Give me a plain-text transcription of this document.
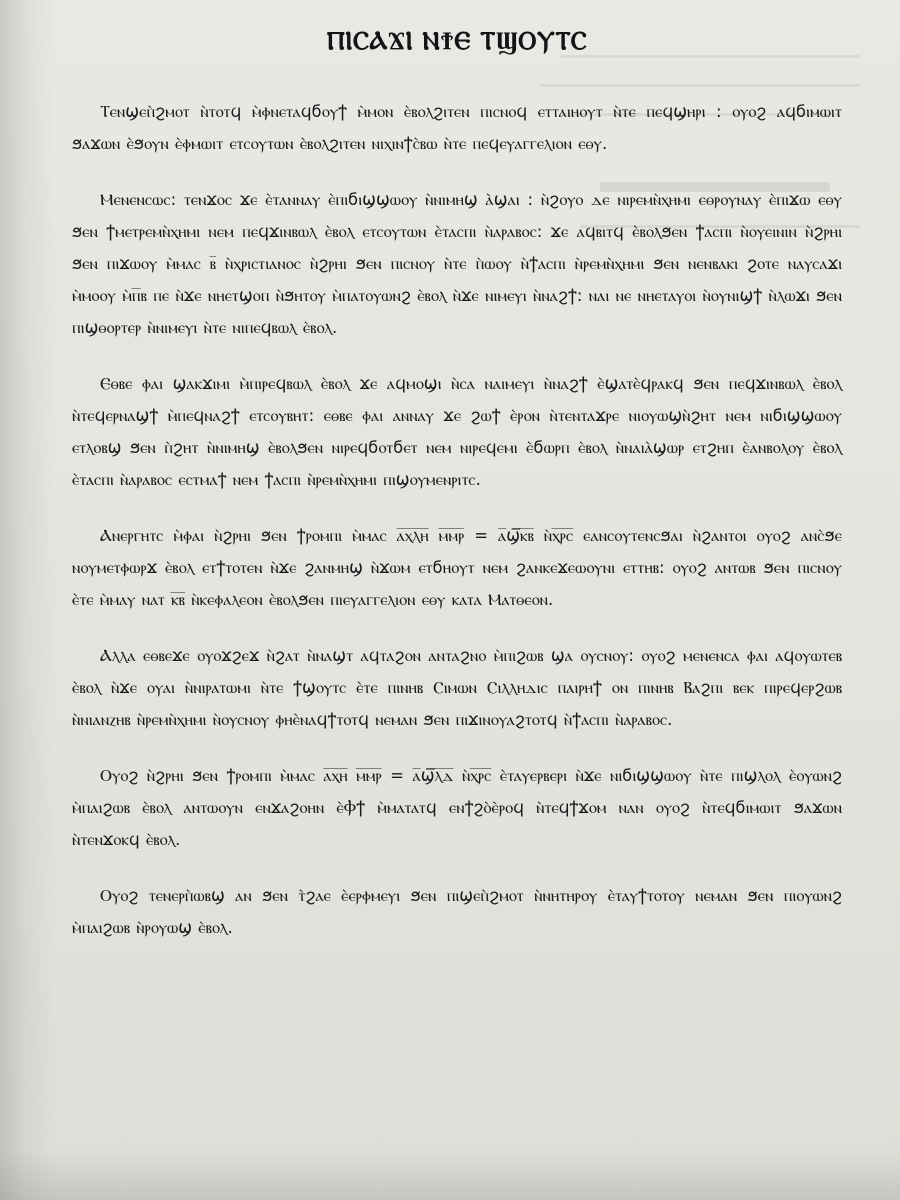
ⲠⲒⲤⲀϪⲒ ⲚϮⲈ ⲦϢⲞⲨⲦⲤ

Ⲧⲉⲛϣⲉⲡ̀ϩⲙⲟⲧ ⲛ̀ⲧⲟⲧϥ ⲙ̀ⲫⲛⲉⲧⲁϥϭⲟⲩϯ ⲙ̀ⲙⲟⲛ ⲉ̀ⲃⲟⲗϩⲓⲧⲉⲛ ⲡⲓⲥⲛⲟϥ ⲉⲧⲧⲁⲓⲏⲟⲩⲧ ⲛ̀ⲧⲉ ⲡⲉϥϣⲏⲣⲓ : ⲟⲩⲟϩ ⲁϥϭⲓⲙⲱⲓⲧ ϧⲁϫⲱⲛ ⲉ̀ϧⲟⲩⲛ ⲉ̀ⲫⲙⲱⲓⲧ ⲉⲧⲥⲟⲩⲧⲱⲛ ⲉ̀ⲃⲟⲗϩⲓⲧⲉⲛ ⲛⲓⲭⲓⲛϯⲥ̀ⲃⲱ ⲛ̀ⲧⲉ ⲡⲉϥⲉⲩⲁⲅⲅⲉⲗⲓⲟⲛ ⲉⲑⲩ.

Ⲙⲉⲛⲉⲛⲥⲱⲥ: ⲧⲉⲛϫⲟⲥ ϫⲉ ⲉ̀ⲧⲁⲛⲛⲁⲩ ⲉ̀ⲡⲓϭⲓϣϣⲱⲟⲩ ⲛ̀ⲛⲓⲙⲏϣ ⲁ̀ϣⲁⲓ : ⲛ̀ϩⲟⲩⲟ ⲇⲉ ⲛⲓⲣⲉⲙⲛ̀ⲭⲏⲙⲓ ⲉⲑⲣⲟⲩⲛⲁⲩ ⲉ̀ⲡⲓϫⲱ ⲉⲑⲩ ϧⲉⲛ ϯⲙⲉⲧⲣⲉⲙⲛ̀ⲭⲏⲙⲓ ⲛⲉⲙ ⲡⲉϥϫⲓⲛⲃⲱⲗ ⲉ̀ⲃⲟⲗ ⲉⲧⲥⲟⲩⲧⲱⲛ ⲉ̀ⲧⲁⲥⲡⲓ ⲛ̀ⲁⲣⲁⲃⲟⲥ: ϫⲉ ⲁϥⲃⲓⲧϥ ⲉ̀ⲃⲟⲗϧⲉⲛ ϯⲁⲥⲡⲓ ⲛ̀ⲟⲩⲉⲓⲛⲓⲛ ⲛ̀ϩⲣⲏⲓ ϧⲉⲛ ⲡⲓϫⲱⲟⲩ ⲙ̀ⲙⲁⲥ ⲃ̅ ⲛ̀ⲭⲣⲓⲥⲧⲓⲁⲛⲟⲥ ⲛ̀ϩⲣⲏⲓ ϧⲉⲛ ⲡⲓⲥⲛⲟⲩ ⲛ̀ⲧⲉ ⲡ̀ⲱⲟⲩ ⲛ̀ϯⲁⲥⲡⲓ ⲛ̀ⲣⲉⲙⲛ̀ⲭⲏⲙⲓ ϧⲉⲛ ⲛⲉⲛⲃⲁⲕⲓ ϩⲟⲧⲉ ⲛⲁⲩⲥⲁϫⲓ ⲙ̀ⲙⲟⲟⲩ ⲙ̀ⲡ̅ⲃ ⲡⲉ ⲛ̀ϫⲉ ⲛⲏⲉⲧϣⲟⲡ ⲛ̀ϧⲏⲧⲟⲩ ⲙ̀ⲡⲁⲧⲟⲩⲱⲛϩ ⲉ̀ⲃⲟⲗ ⲛ̀ϫⲉ ⲛⲓⲙⲉⲩⲓ ⲛ̀ⲛⲁϩϯ: ⲛⲁⲓ ⲛⲉ ⲛⲏⲉⲧⲁⲩⲟⲓ ⲛ̀ⲟⲩⲛⲓϣϯ ⲛ̀ⲗⲱϫⲓ ϧⲉⲛ ⲡⲓϣⲑⲟⲣⲧⲉⲣ ⲛ̀ⲛⲓⲙⲉⲩⲓ ⲛ̀ⲧⲉ ⲛⲓⲡⲉϥⲃⲱⲗ ⲉ̀ⲃⲟⲗ.

Ⲉⲑⲃⲉ ⲫⲁⲓ ϣⲁⲕϫⲓⲙⲓ ⲙ̀ⲡⲓⲣⲉϥⲃⲱⲗ ⲉ̀ⲃⲟⲗ ϫⲉ ⲁϥⲙⲟϣⲓ ⲛ̀ⲥⲁ ⲛⲁⲓⲙⲉⲩⲓ ⲛ̀ⲛⲁϩϯ ⲉ̀ϣⲁⲧⲉ̀ϥⲣⲁⲕϥ ϧⲉⲛ ⲡⲉϥϫⲓⲛⲃⲱⲗ ⲉ̀ⲃⲟⲗ ⲛ̀ⲧⲉϥⲉⲣⲛⲁϣϯ ⲙ̀ⲡⲉϥⲛⲁϩϯ ⲉⲧⲥⲟⲩⲃⲏⲧ: ⲉⲑⲃⲉ ⲫⲁⲓ ⲁⲛⲛⲁⲩ ϫⲉ ϩⲱϯ ⲉ̀ⲣⲟⲛ ⲛ̀ⲧⲉⲛⲧⲁϫⲣⲉ ⲛⲓⲟⲩⲱϣⲛ̀ϩⲏⲧ ⲛⲉⲙ ⲛⲓϭⲓϣϣⲱⲟⲩ ⲉⲧⲗⲟⲃϣ ϧⲉⲛ ⲡ̀ϩⲏⲧ ⲛ̀ⲛⲓⲙⲏϣ ⲉ̀ⲃⲟⲗϧⲉⲛ ⲛⲓⲣⲉϥϭⲟⲧϭⲉⲧ ⲛⲉⲙ ⲛⲓⲣⲉϥⲉⲙⲓ ⲉ̀ϭⲱⲣⲡ ⲉ̀ⲃⲟⲗ ⲛ̀ⲛⲁⲓⲁ̀ϣⲱⲣ ⲉⲧϩⲏⲡ ⲉ̀ⲁⲛⲃⲟⲗⲟⲩ ⲉ̀ⲃⲟⲗ ⲉ̀ⲧⲁⲥⲡⲓ ⲛ̀ⲁⲣⲁⲃⲟⲥ ⲉⲥⲧⲙⲁϯ ⲛⲉⲙ ϯⲁⲥⲡⲓ ⲛ̀ⲣⲉⲙⲛ̀ⲭⲏⲙⲓ ⲡⲓϣⲟⲩⲙⲉⲛⲣⲓⲧⲥ.

Ⲁⲛⲉⲣⲅⲏⲧⲥ ⲙ̀ⲫⲁⲓ ⲛ̀ϩⲣⲏⲓ ϧⲉⲛ ϯⲣⲟⲙⲡⲓ ⲙ̀ⲙⲁⲥ ⲁ̅ⲭ̅ⲗ̅ⲏ̅ ⲙ̅ⲙ̅ⲣ̅ = ⲁ̅ϣ̅ⲕ̅ⲃ̅ ⲛ̀ⲭ̅ⲣ̅ⲥ̅ ⲉⲁⲛⲥⲟⲩⲧⲉⲛⲥϧⲁⲓ ⲛ̀ϩⲁⲛⲧⲟⲓ ⲟⲩⲟϩ ⲁⲛⲥ̀ϧⲉ ⲛⲟⲩⲙⲉⲧⲫⲱⲣϫ ⲉ̀ⲃⲟⲗ ⲉⲧϯⲧⲟⲧⲉⲛ ⲛ̀ϫⲉ ϩⲁⲛⲙⲏϣ ⲛ̀ϫⲱⲙ ⲉⲧϭⲏⲟⲩⲧ ⲛⲉⲙ ϩⲁⲛⲕⲉϫⲉⲱⲟⲩⲛⲓ ⲉⲧⲧⲏⲃ: ⲟⲩⲟϩ ⲁⲛⲧⲱⲃ ϧⲉⲛ ⲡⲓⲥⲛⲟⲩ ⲉ̀ⲧⲉ ⲙ̀ⲙⲁⲩ ⲛⲁⲧ ⲕ̅ⲃ̅ ⲛ̀ⲕⲉⲫⲁⲗⲉⲟⲛ ⲉ̀ⲃⲟⲗϧⲉⲛ ⲡⲓⲉⲩⲁⲅⲅⲉⲗⲓⲟⲛ ⲉⲑⲩ ⲕⲁⲧⲁ Ⲙⲁⲧⲑⲉⲟⲛ.

Ⲁⲗⲗⲁ ⲉⲑⲃⲉϫⲉ ⲟⲩⲟϫϩⲉϫ ⲛ̀ϩⲁⲧ ⲛ̀ⲛⲁϣⲧ ⲁϥⲧⲁϩⲟⲛ ⲁⲛⲧⲁϩⲛⲟ ⲙ̀ⲡⲓϩⲱⲃ ϣⲁ ⲟⲩⲥⲛⲟⲩ: ⲟⲩⲟϩ ⲙⲉⲛⲉⲛⲥⲁ ⲫⲁⲓ ⲁϥⲟⲩⲱⲧⲉⲃ ⲉ̀ⲃⲟⲗ ⲛ̀ϫⲉ ⲟⲩⲁⲓ ⲛ̀ⲛⲓⲣⲁⲧⲱⲙⲓ ⲛ̀ⲧⲉ ϯϣⲟⲩⲧⲥ ⲉ̀ⲧⲉ ⲡⲓⲛⲏⲃ Ⲥⲓⲙⲱⲛ Ⲥⲓⲗⲗⲏⲇⲓⲥ ⲡⲁⲓⲣⲏϯ ⲟⲛ ⲡⲓⲛⲏⲃ Ⲃⲁϩⲡⲓ ⲃⲉⲕ ⲡⲓⲣⲉϥⲉⲣϩⲱⲃ ⲛ̀ⲛⲓⲁⲛⲍⲏⲃ ⲛ̀ⲣⲉⲙⲛ̀ⲭⲏⲙⲓ ⲛ̀ⲟⲩⲥⲛⲟⲩ ⲫⲏⲉ̀ⲛⲁϥϯⲧⲟⲧϥ ⲛⲉⲙⲁⲛ ϧⲉⲛ ⲡⲓϫⲓⲛⲟⲩⲁϩⲧⲟⲧϥ ⲛ̀ϯⲁⲥⲡⲓ ⲛ̀ⲁⲣⲁⲃⲟⲥ.

Ⲟⲩⲟϩ ⲛ̀ϩⲣⲏⲓ ϧⲉⲛ ϯⲣⲟⲙⲡⲓ ⲙ̀ⲙⲁⲥ ⲁ̅ⲭ̅ⲏ̅ ⲙ̅ⲙ̅ⲣ̅ = ⲁ̅ϣ̅ⲗ̅ⲇ̅ ⲛ̀ⲭ̅ⲣ̅ⲥ̅ ⲉ̀ⲧⲁⲩⲉⲣⲃⲉⲣⲓ ⲛ̀ϫⲉ ⲛⲓϭⲓϣϣⲱⲟⲩ ⲛ̀ⲧⲉ ⲡⲓϣⲗⲟⲗ ⲉ̀ⲟⲩⲱⲛϩ ⲙ̀ⲡⲁⲓϩⲱⲃ ⲉ̀ⲃⲟⲗ ⲁⲛⲧⲱⲟⲩⲛ ⲉⲛϫⲁϩⲟⲏⲛ ⲉ̀Ⲫϯ ⲙ̀ⲙⲁⲧⲁⲧϥ ⲉⲛϯϩⲟ̀ⲉ̀ⲣⲟϥ ⲛ̀ⲧⲉϥϯϫⲟⲙ ⲛⲁⲛ ⲟⲩⲟϩ ⲛ̀ⲧⲉϥϭⲓⲙⲱⲓⲧ ϧⲁϫⲱⲛ ⲛ̀ⲧⲉⲛϫⲟⲕϥ ⲉ̀ⲃⲟⲗ.

Ⲟⲩⲟϩ ⲧⲉⲛⲉⲣⲡ̀ⲱⲃϣ ⲁⲛ ϧⲉⲛ ⲧ̀ϩⲁⲉ ⲉ̀ⲉⲣⲫⲙⲉⲩⲓ ϧⲉⲛ ⲡⲓϣⲉⲡ̀ϩⲙⲟⲧ ⲛ̀ⲛⲏⲧⲏⲣⲟⲩ ⲉ̀ⲧⲁⲩϯⲧⲟⲧⲟⲩ ⲛⲉⲙⲁⲛ ϧⲉⲛ ⲡⲓⲟⲩⲱⲛϩ ⲙ̀ⲡⲁⲓϩⲱⲃ ⲛ̀ⲣⲟⲩⲱϣ ⲉ̀ⲃⲟⲗ.
